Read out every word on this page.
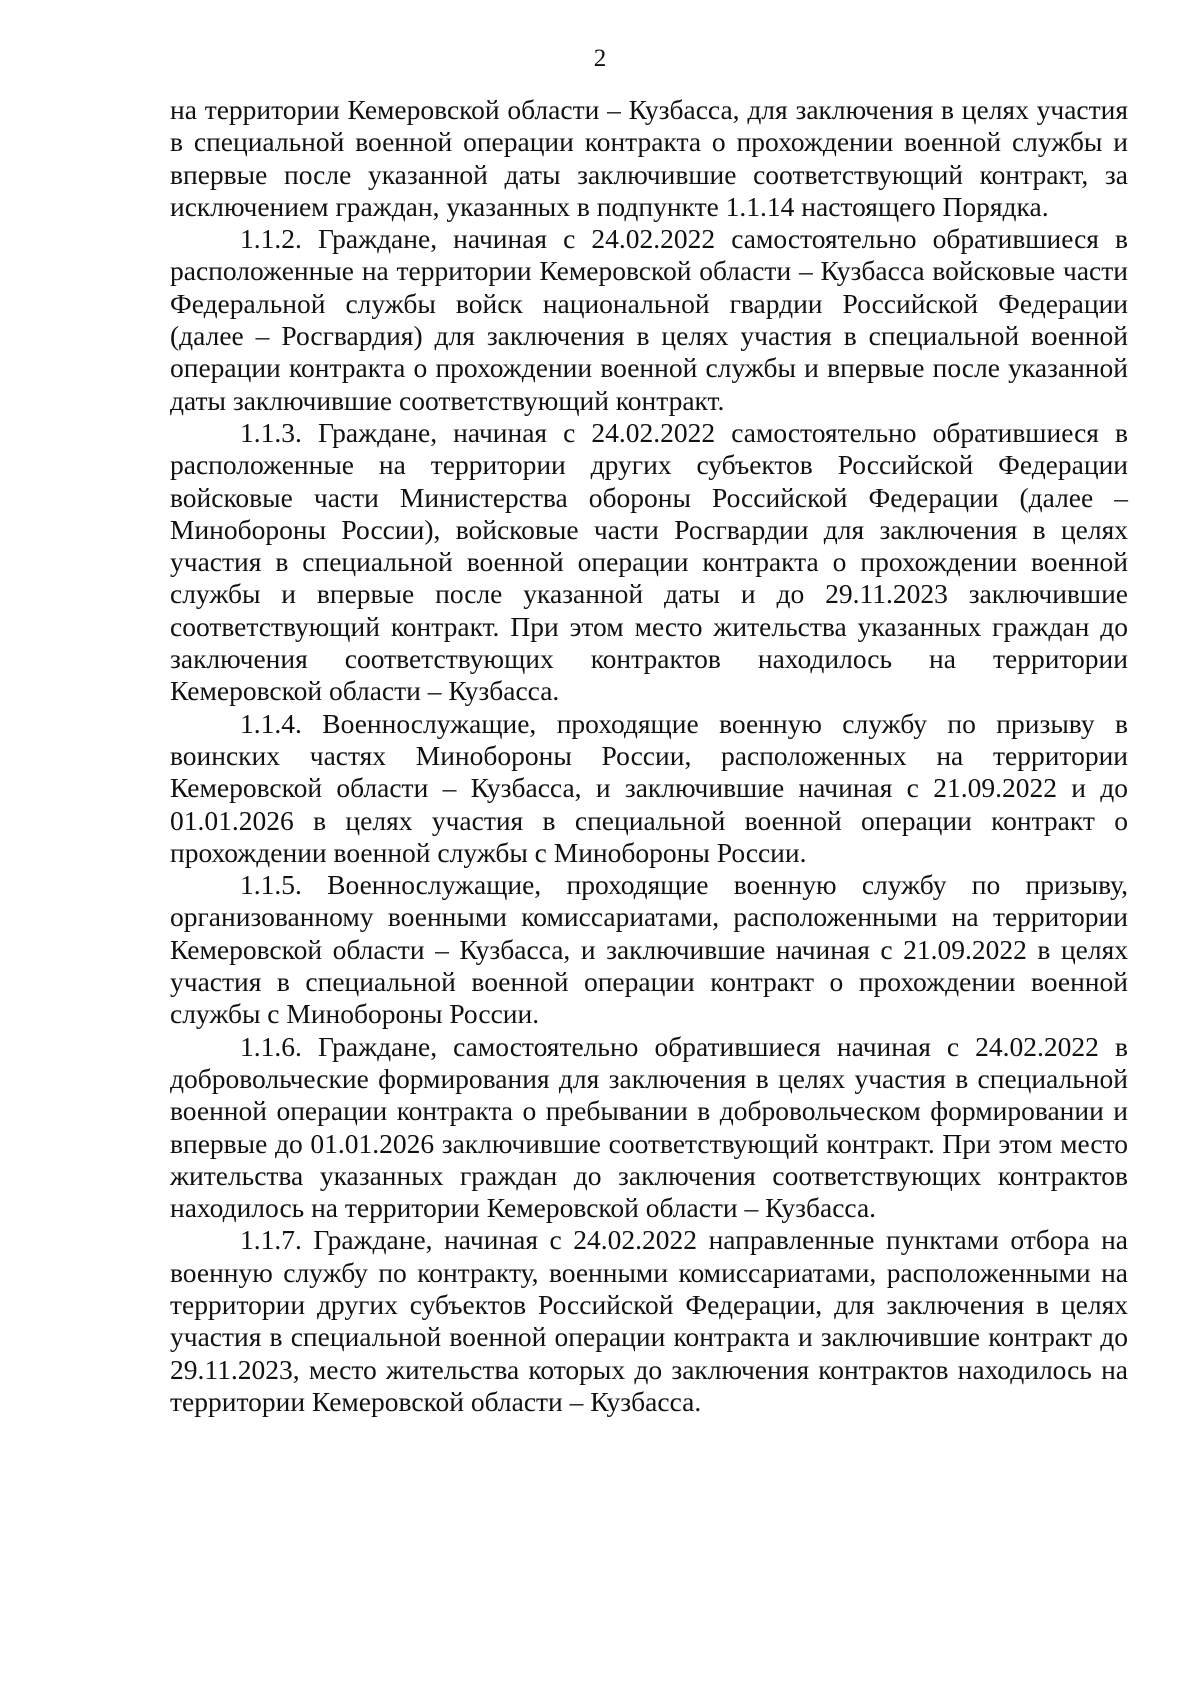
2

на территории Кемеровской области – Кузбасса, для заключения в целях участия в специальной военной операции контракта о прохождении военной службы и впервые после указанной даты заключившие соответствующий контракт, за исключением граждан, указанных в подпункте 1.1.14 настоящего Порядка.

1.1.2. Граждане, начиная с 24.02.2022 самостоятельно обратившиеся в расположенные на территории Кемеровской области – Кузбасса войсковые части Федеральной службы войск национальной гвардии Российской Федерации (далее – Росгвардия) для заключения в целях участия в специальной военной операции контракта о прохождении военной службы и впервые после указанной даты заключившие соответствующий контракт.

1.1.3. Граждане, начиная с 24.02.2022 самостоятельно обратившиеся в расположенные на территории других субъектов Российской Федерации войсковые части Министерства обороны Российской Федерации (далее – Минобороны России), войсковые части Росгвардии для заключения в целях участия в специальной военной операции контракта о прохождении военной службы и впервые после указанной даты и до 29.11.2023 заключившие соответствующий контракт. При этом место жительства указанных граждан до заключения соответствующих контрактов находилось на территории Кемеровской области – Кузбасса.

1.1.4. Военнослужащие, проходящие военную службу по призыву в воинских частях Минобороны России, расположенных на территории Кемеровской области – Кузбасса, и заключившие начиная с 21.09.2022 и до 01.01.2026 в целях участия в специальной военной операции контракт о прохождении военной службы с Минобороны России.

1.1.5. Военнослужащие, проходящие военную службу по призыву, организованному военными комиссариатами, расположенными на территории Кемеровской области – Кузбасса, и заключившие начиная с 21.09.2022 в целях участия в специальной военной операции контракт о прохождении военной службы с Минобороны России.

1.1.6. Граждане, самостоятельно обратившиеся начиная с 24.02.2022 в добровольческие формирования для заключения в целях участия в специальной военной операции контракта о пребывании в добровольческом формировании и впервые до 01.01.2026 заключившие соответствующий контракт. При этом место жительства указанных граждан до заключения соответствующих контрактов находилось на территории Кемеровской области – Кузбасса.

1.1.7. Граждане, начиная с 24.02.2022 направленные пунктами отбора на военную службу по контракту, военными комиссариатами, расположенными на территории других субъектов Российской Федерации, для заключения в целях участия в специальной военной операции контракта и заключившие контракт до 29.11.2023, место жительства которых до заключения контрактов находилось на территории Кемеровской области – Кузбасса.
